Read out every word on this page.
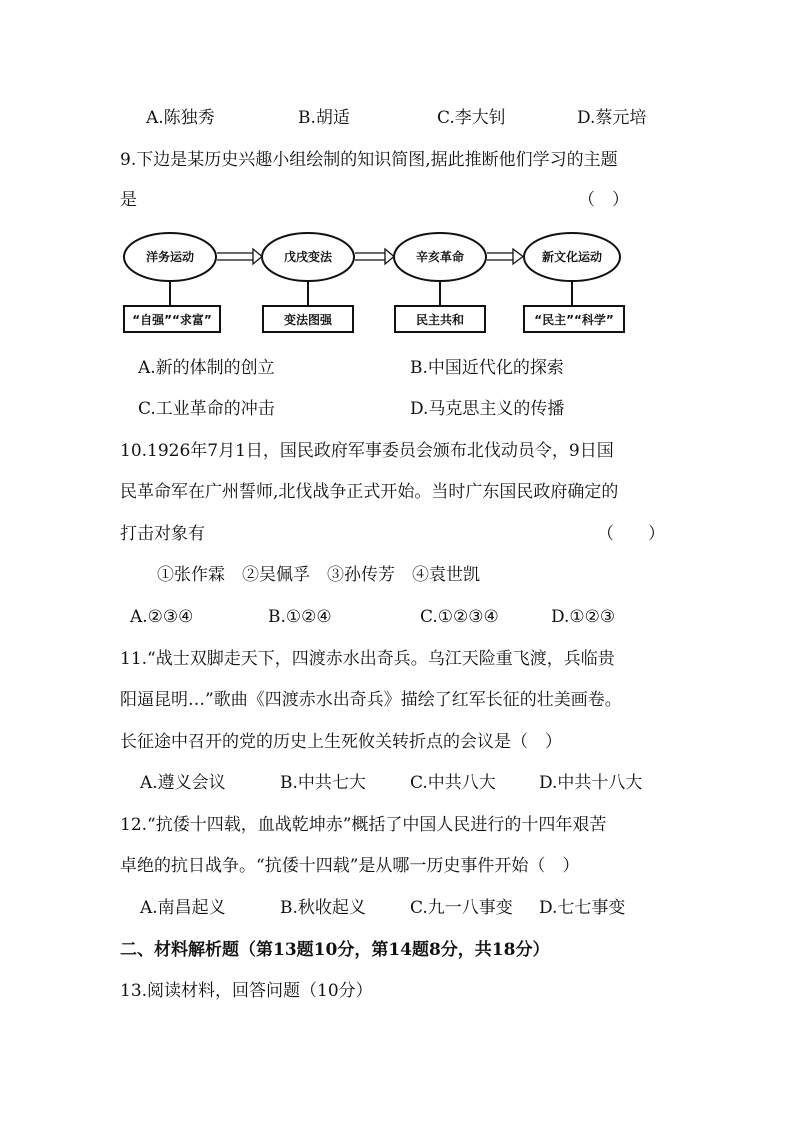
A.陈独秀	B.胡适	C.李大钊	D.蔡元培
9.下边是某历史兴趣小组绘制的知识简图,据此推断他们学习的主题
是	（　）
洋务运动	戊戌变法	辛亥革命	新文化运动
“自强”“求富”	变法图强	民主共和	“民主”“科学”
A.新的体制的创立	B.中国近代化的探索
C.工业革命的冲击	D.马克思主义的传播
10.1926年7月1日，国民政府军事委员会颁布北伐动员令，9日国
民革命军在广州誓师,北伐战争正式开始。当时广东国民政府确定的
打击对象有	（　　）
①张作霖　②吴佩孚　③孙传芳　④袁世凯
A.②③④	B.①②④	C.①②③④	D.①②③
11.“战士双脚走天下，四渡赤水出奇兵。乌江天险重飞渡，兵临贵
阳逼昆明…”歌曲《四渡赤水出奇兵》描绘了红军长征的壮美画卷。
长征途中召开的党的历史上生死攸关转折点的会议是（　）
A.遵义会议	B.中共七大	C.中共八大	D.中共十八大
12.“抗倭十四载，血战乾坤赤”概括了中国人民进行的十四年艰苦
卓绝的抗日战争。“抗倭十四载”是从哪一历史事件开始（　）
A.南昌起义	B.秋收起义	C.九一八事变 D.七七事变
二、材料解析题（第13题10分，第14题8分，共18分）
13.阅读材料，回答问题（10分）
